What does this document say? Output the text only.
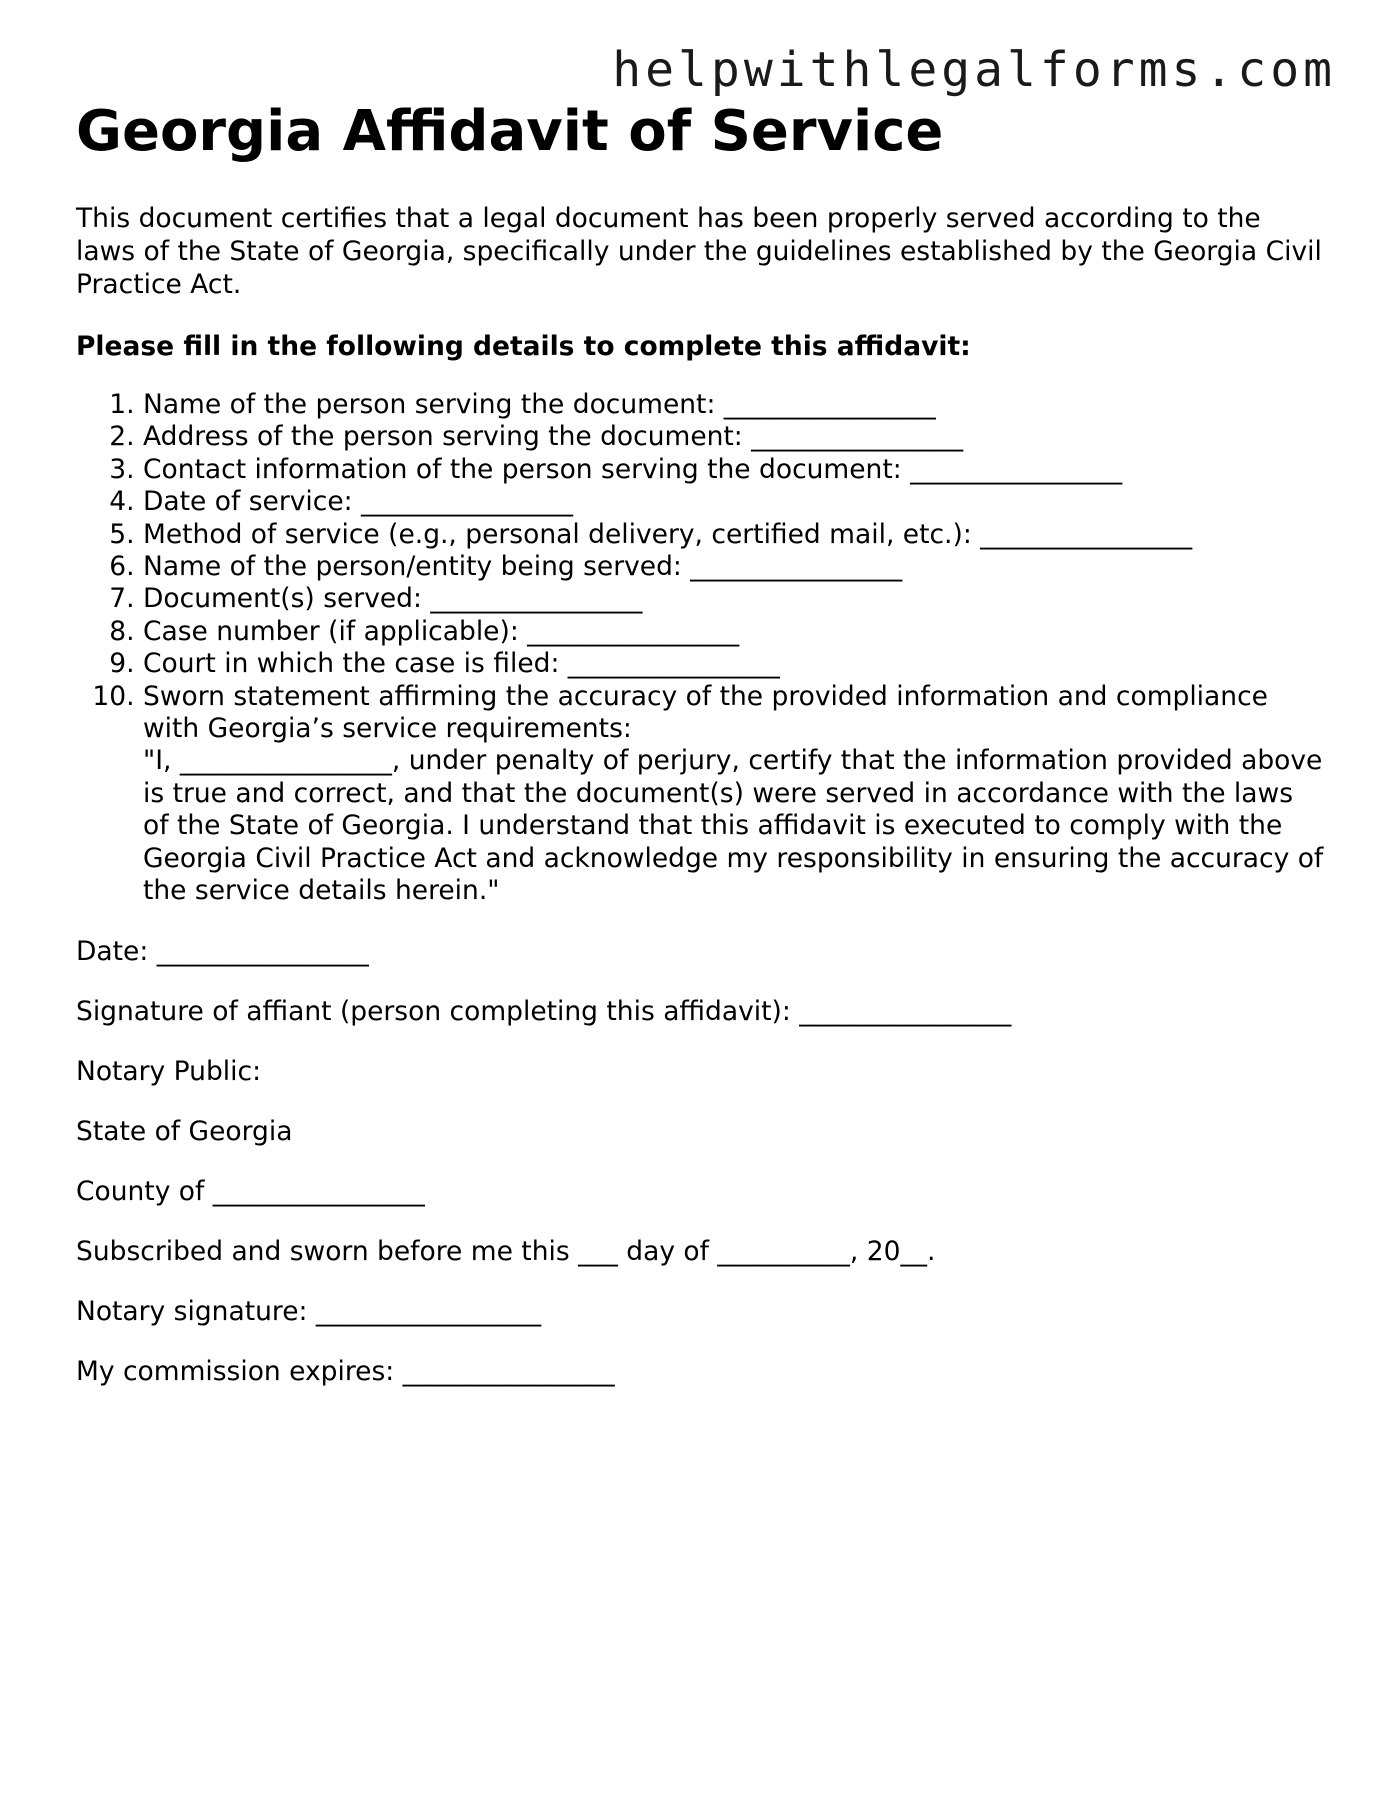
helpwithlegalforms.com
Georgia Affidavit of Service

This document certifies that a legal document has been properly served according to the laws of the State of Georgia, specifically under the guidelines established by the Georgia Civil Practice Act.

Please fill in the following details to complete this affidavit:

1. Name of the person serving the document: ________________
2. Address of the person serving the document: ________________
3. Contact information of the person serving the document: ________________
4. Date of service: ________________
5. Method of service (e.g., personal delivery, certified mail, etc.): ________________
6. Name of the person/entity being served: ________________
7. Document(s) served: ________________
8. Case number (if applicable): ________________
9. Court in which the case is filed: ________________
10. Sworn statement affirming the accuracy of the provided information and compliance with Georgia’s service requirements:
"I, ________________, under penalty of perjury, certify that the information provided above is true and correct, and that the document(s) were served in accordance with the laws of the State of Georgia. I understand that this affidavit is executed to comply with the Georgia Civil Practice Act and acknowledge my responsibility in ensuring the accuracy of the service details herein."

Date: ________________

Signature of affiant (person completing this affidavit): ________________

Notary Public:

State of Georgia

County of ________________

Subscribed and sworn before me this ___ day of __________, 20__.

Notary signature: _________________

My commission expires: ________________
